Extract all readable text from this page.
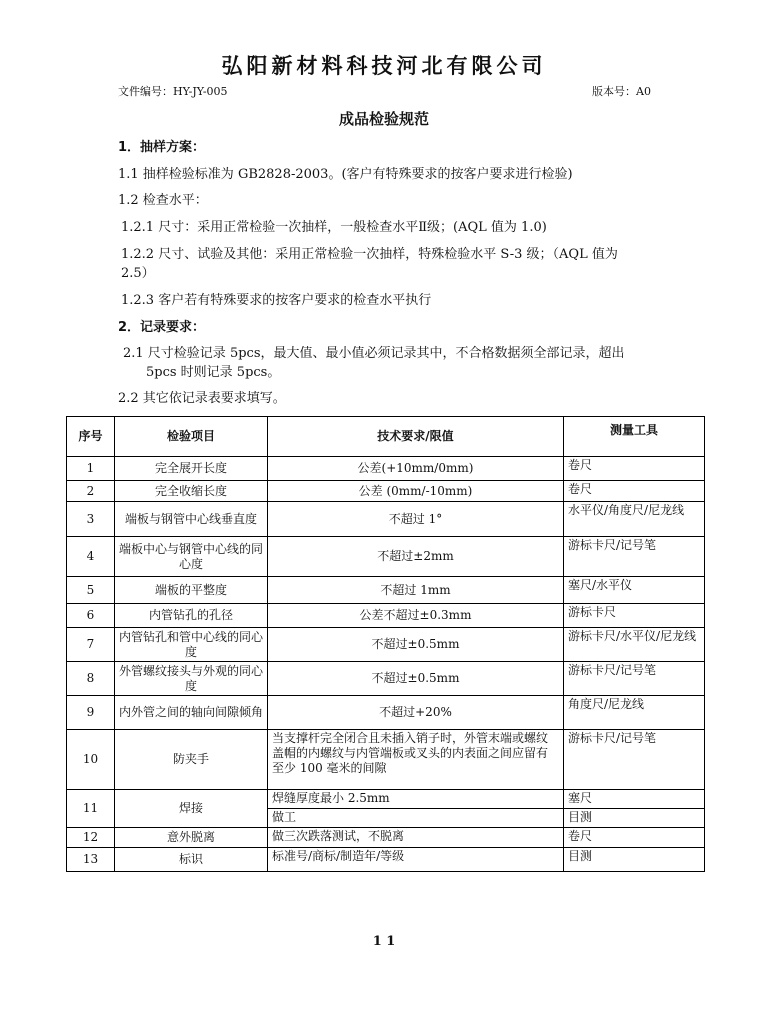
弘阳新材料科技河北有限公司
文件编号：HY-JY-005	版本号：A0
成品检验规范
1．抽样方案：
1.1 抽样检验标准为 GB2828-2003。(客户有特殊要求的按客户要求进行检验)
1.2 检查水平：
1.2.1 尺寸：采用正常检验一次抽样，一般检查水平Ⅱ级；(AQL 值为 1.0)
1.2.2 尺寸、试验及其他：采用正常检验一次抽样，特殊检验水平 S-3 级；（AQL 值为
2.5）
1.2.3 客户若有特殊要求的按客户要求的检查水平执行
2．记录要求：
2.1 尺寸检验记录 5pcs，最大值、最小值必须记录其中，不合格数据须全部记录，超出
5pcs 时则记录 5pcs。
2.2 其它依记录表要求填写。
序号	检验项目	技术要求/限值	测量工具
1	完全展开长度	公差(+10mm/0mm)	卷尺
2	完全收缩长度	公差 (0mm/-10mm)	卷尺
3	端板与钢管中心线垂直度	不超过 1°	水平仪/角度尺/尼龙线
4	端板中心与钢管中心线的同心度	不超过±2mm	游标卡尺/记号笔
5	端板的平整度	不超过 1mm	塞尺/水平仪
6	内管钻孔的孔径	公差不超过±0.3mm	游标卡尺
7	内管钻孔和管中心线的同心度	不超过±0.5mm	游标卡尺/水平仪/尼龙线
8	外管螺纹接头与外观的同心度	不超过±0.5mm	游标卡尺/记号笔
9	内外管之间的轴向间隙倾角	不超过+20%	角度尺/尼龙线
10	防夹手	当支撑杆完全闭合且未插入销子时，外管末端或螺纹盖帽的内螺纹与内管端板或叉头的内表面之间应留有至少 100 毫米的间隙	游标卡尺/记号笔
11	焊接	焊缝厚度最小 2.5mm	塞尺
		做工	目测
12	意外脱离	做三次跌落测试，不脱离	卷尺
13	标识	标准号/商标/制造年/等级	目测
1 1
